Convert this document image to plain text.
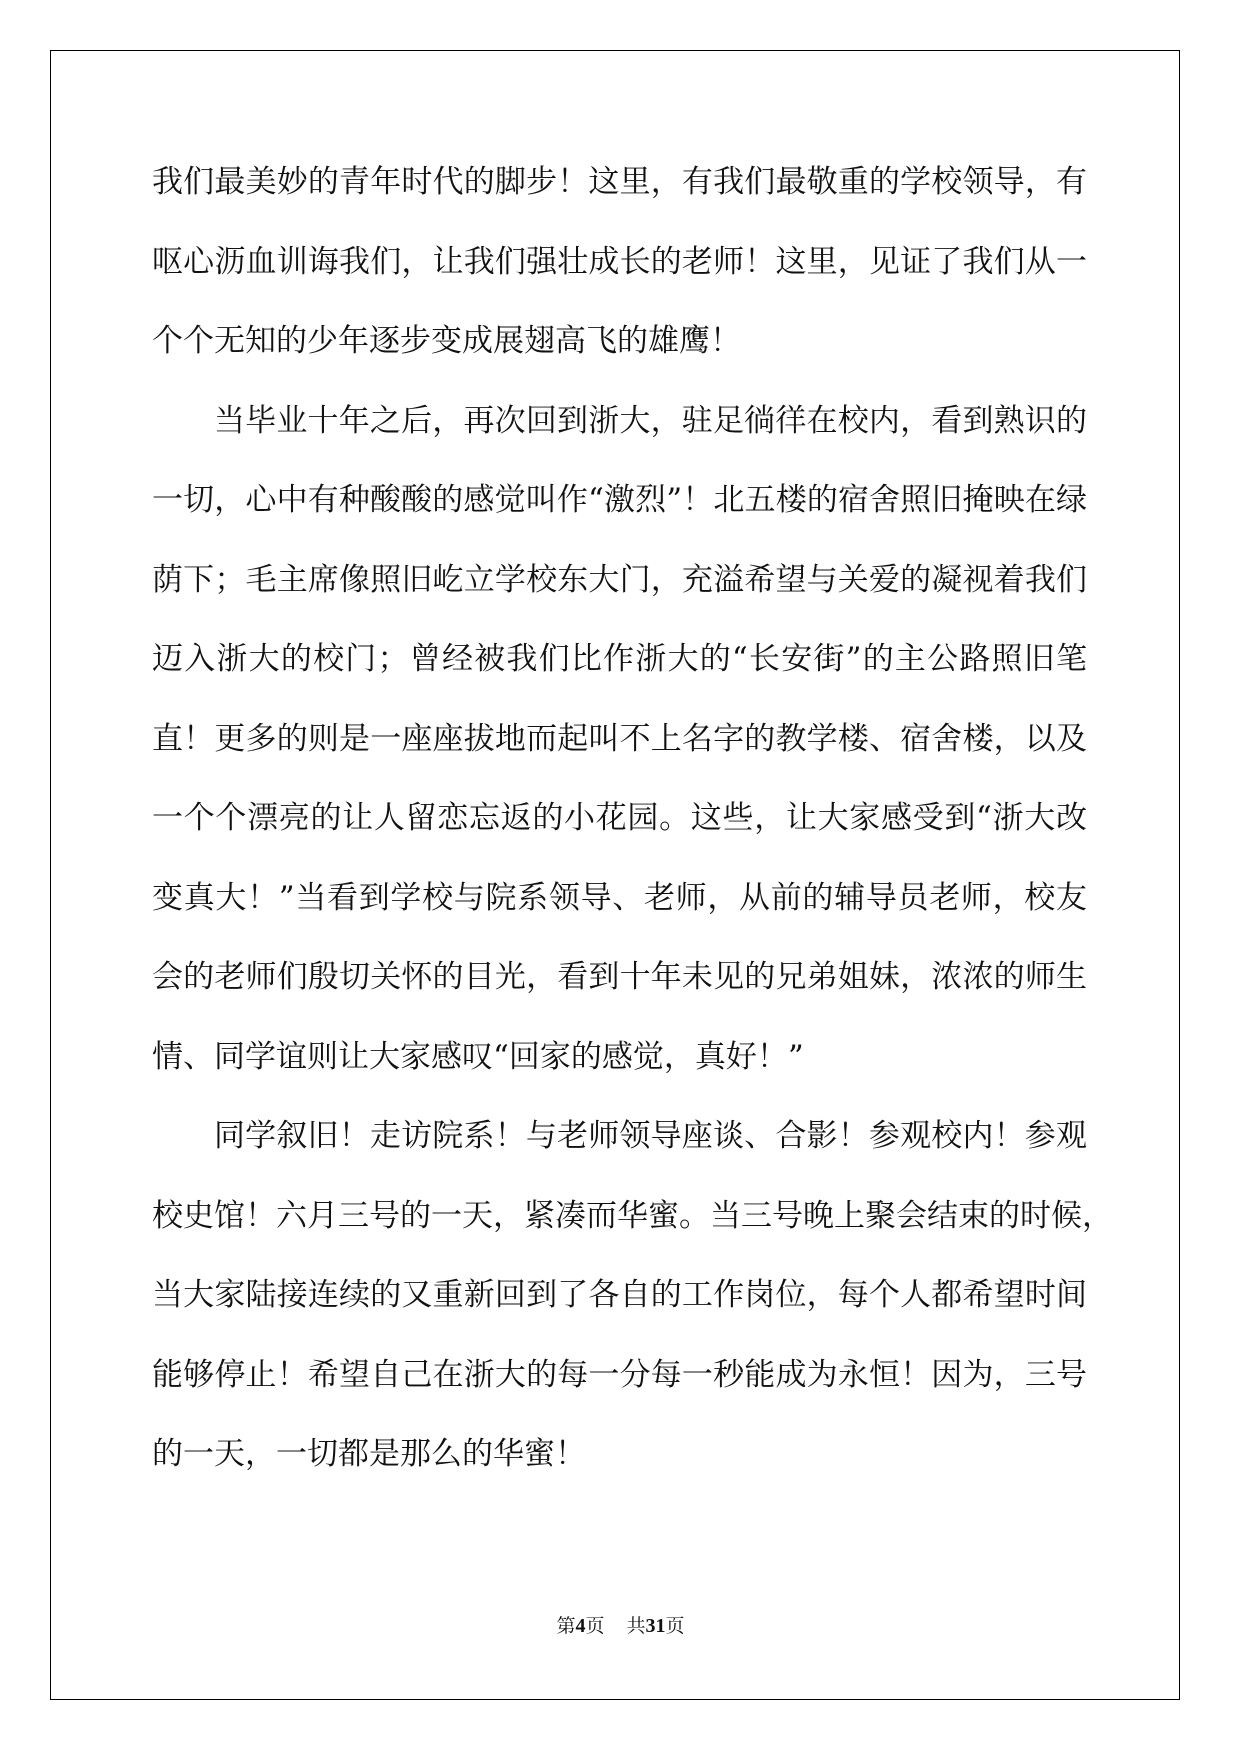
我们最美妙的青年时代的脚步！这里，有我们最敬重的学校领导，有
呕心沥血训诲我们，让我们强壮成长的老师！这里，见证了我们从一
个个无知的少年逐步变成展翅高飞的雄鹰！
当毕业十年之后，再次回到浙大，驻足徜徉在校内，看到熟识的
一切，心中有种酸酸的感觉叫作“激烈”！北五楼的宿舍照旧掩映在绿
荫下；毛主席像照旧屹立学校东大门，充溢希望与关爱的凝视着我们
迈入浙大的校门；曾经被我们比作浙大的“长安街”的主公路照旧笔
直！更多的则是一座座拔地而起叫不上名字的教学楼、宿舍楼，以及
一个个漂亮的让人留恋忘返的小花园。这些，让大家感受到“浙大改
变真大！”当看到学校与院系领导、老师，从前的辅导员老师，校友
会的老师们殷切关怀的目光，看到十年未见的兄弟姐妹，浓浓的师生
情、同学谊则让大家感叹“回家的感觉，真好！”
同学叙旧！走访院系！与老师领导座谈、合影！参观校内！参观
校史馆！六月三号的一天，紧凑而华蜜。当三号晚上聚会结束的时候，
当大家陆接连续的又重新回到了各自的工作岗位，每个人都希望时间
能够停止！希望自己在浙大的每一分每一秒能成为永恒！因为，三号
的一天，一切都是那么的华蜜！
第4页 共31页
